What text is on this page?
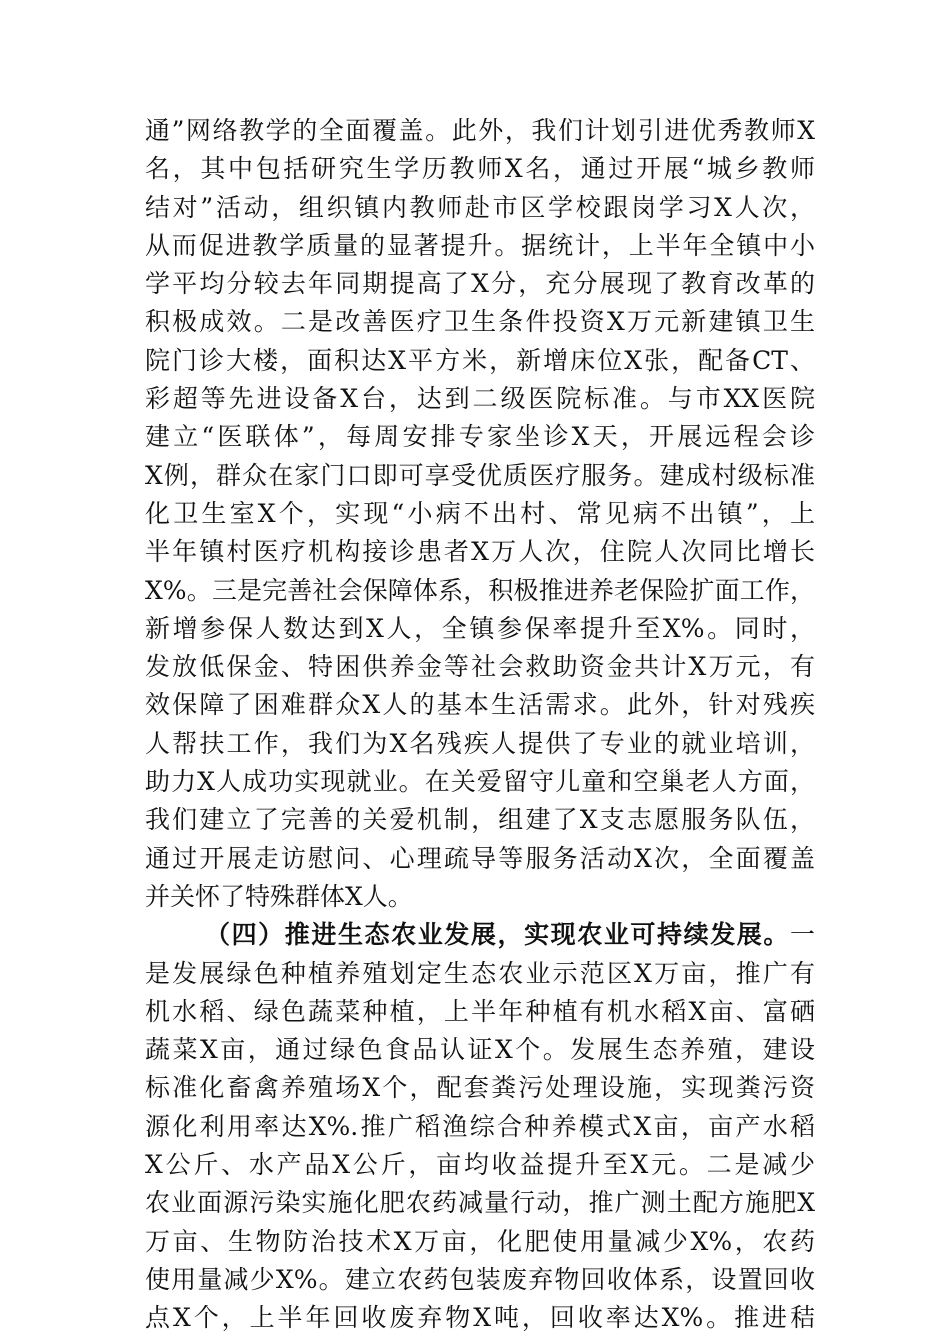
通”网络教学的全面覆盖。此外，我们计划引进优秀教师X
名，其中包括研究生学历教师X名，通过开展“城乡教师
结对”活动，组织镇内教师赴市区学校跟岗学习X人次，
从而促进教学质量的显著提升。据统计，上半年全镇中小
学平均分较去年同期提高了X分，充分展现了教育改革的
积极成效。二是改善医疗卫生条件投资X万元新建镇卫生
院门诊大楼，面积达X平方米，新增床位X张，配备CT、
彩超等先进设备X台，达到二级医院标准。与市XX医院
建立“医联体”，每周安排专家坐诊X天，开展远程会诊
X例，群众在家门口即可享受优质医疗服务。建成村级标准
化卫生室X个，实现“小病不出村、常见病不出镇”，上
半年镇村医疗机构接诊患者X万人次，住院人次同比增长
X%。三是完善社会保障体系，积极推进养老保险扩面工作，
新增参保人数达到X人，全镇参保率提升至X%。同时，
发放低保金、特困供养金等社会救助资金共计X万元，有
效保障了困难群众X人的基本生活需求。此外，针对残疾
人帮扶工作，我们为X名残疾人提供了专业的就业培训，
助力X人成功实现就业。在关爱留守儿童和空巢老人方面，
我们建立了完善的关爱机制，组建了X支志愿服务队伍，
通过开展走访慰问、心理疏导等服务活动X次，全面覆盖
并关怀了特殊群体X人。
（四）推进生态农业发展，实现农业可持续发展。一
是发展绿色种植养殖划定生态农业示范区X万亩，推广有
机水稻、绿色蔬菜种植，上半年种植有机水稻X亩、富硒
蔬菜X亩，通过绿色食品认证X个。发展生态养殖，建设
标准化畜禽养殖场X个，配套粪污处理设施，实现粪污资
源化利用率达X%.推广稻渔综合种养模式X亩，亩产水稻
X公斤、水产品X公斤，亩均收益提升至X元。二是减少
农业面源污染实施化肥农药减量行动，推广测土配方施肥X
万亩、生物防治技术X万亩，化肥使用量减少X%，农药
使用量减少X%。建立农药包装废弃物回收体系，设置回收
点X个，上半年回收废弃物X吨，回收率达X%。推进秸
